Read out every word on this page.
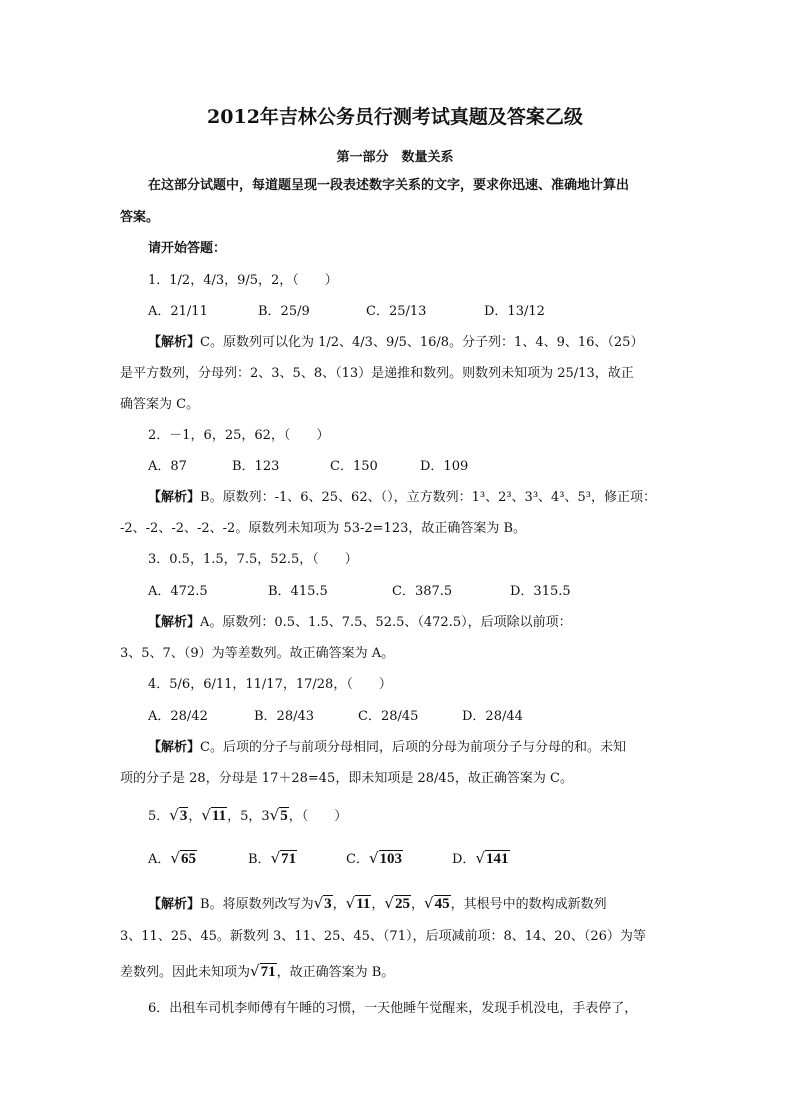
2012年吉林公务员行测考试真题及答案乙级
第一部分　数量关系
在这部分试题中，每道题呈现一段表述数字关系的文字，要求你迅速、准确地计算出
答案。
请开始答题：
1．1/2，4/3，9/5，2，（　　）
A．21/11	B．25/9	C．25/13	D．13/12
【解析】C。原数列可以化为 1/2、4/3、9/5、16/8。分子列：1、4、9、16、（25）
是平方数列，分母列：2、3、5、8、（13）是递推和数列。则数列未知项为 25/13，故正
确答案为 C。
2．－1，6，25，62，（　　）
A．87	B．123	C．150	D．109
【解析】B。原数列：-1、6、25、62、（），立方数列：1³、2³、3³、4³、5³，修正项：
-2、-2、-2、-2、-2。原数列未知项为 53-2=123，故正确答案为 B。
3．0.5，1.5，7.5，52.5，（　　）
A．472.5	B．415.5	C．387.5	D．315.5
【解析】A。原数列：0.5、1.5、7.5、52.5、（472.5），后项除以前项：
3、5、7、（9）为等差数列。故正确答案为 A。
4．5/6，6/11，11/17，17/28，（　　）
A．28/42	B．28/43	C．28/45	D．28/44
【解析】C。后项的分子与前项分母相同，后项的分母为前项分子与分母的和。未知
项的分子是 28，分母是 17＋28=45，即未知项是 28/45，故正确答案为 C。
5．√3，√11，5，3√5，（　　）
A．√65	B．√71	C．√103	D．√141
【解析】B。将原数列改写为√3，√11，√25，√45，其根号中的数构成新数列
3、11、25、45。新数列 3、11、25、45、（71），后项减前项：8、14、20、（26）为等
差数列。因此未知项为√71，故正确答案为 B。
6．出租车司机李师傅有午睡的习惯，一天他睡午觉醒来，发现手机没电，手表停了，
